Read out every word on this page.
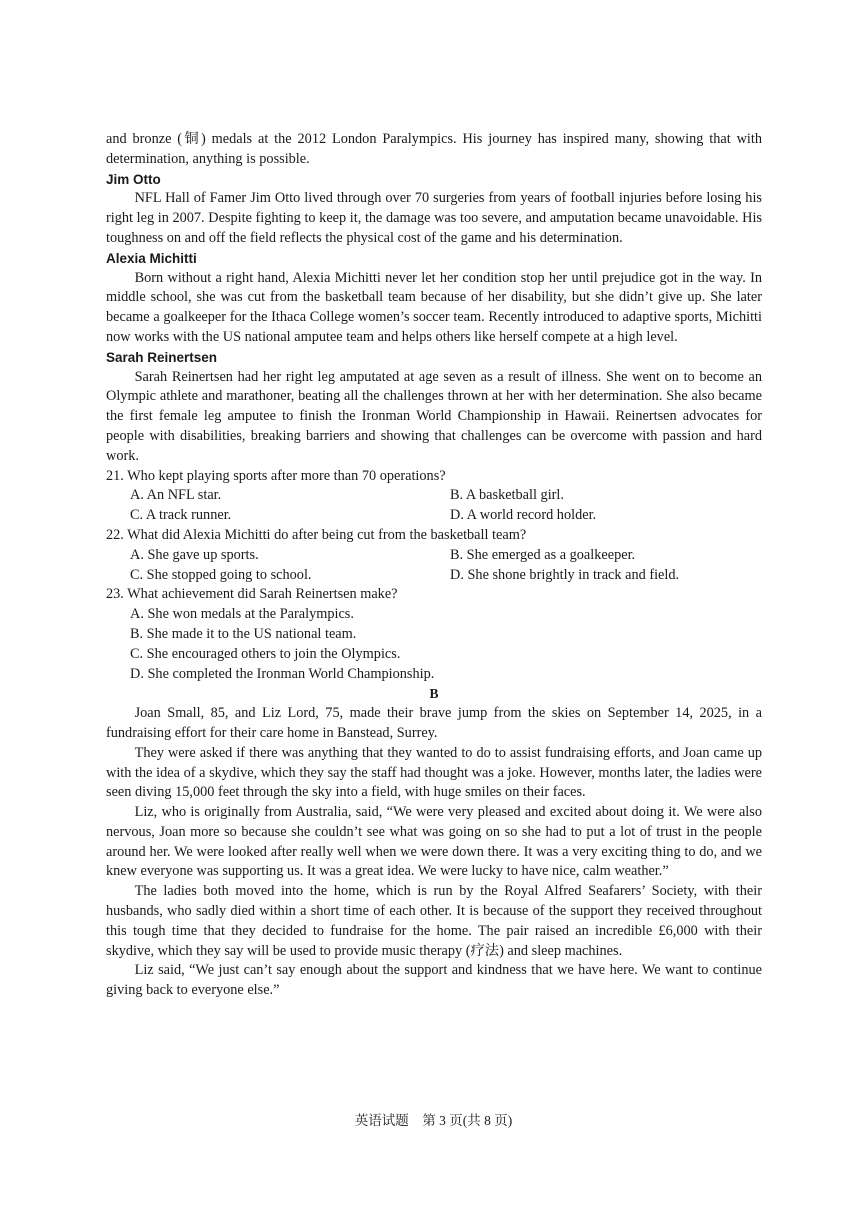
and bronze (铜) medals at the 2012 London Paralympics. His journey has inspired many, showing that with determination, anything is possible.

Jim Otto

NFL Hall of Famer Jim Otto lived through over 70 surgeries from years of football injuries before losing his right leg in 2007. Despite fighting to keep it, the damage was too severe, and amputation became unavoidable. His toughness on and off the field reflects the physical cost of the game and his determination.

Alexia Michitti

Born without a right hand, Alexia Michitti never let her condition stop her until prejudice got in the way. In middle school, she was cut from the basketball team because of her disability, but she didn’t give up. She later became a goalkeeper for the Ithaca College women’s soccer team. Recently introduced to adaptive sports, Michitti now works with the US national amputee team and helps others like herself compete at a high level.

Sarah Reinertsen

Sarah Reinertsen had her right leg amputated at age seven as a result of illness. She went on to become an Olympic athlete and marathoner, beating all the challenges thrown at her with her determination. She also became the first female leg amputee to finish the Ironman World Championship in Hawaii. Reinertsen advocates for people with disabilities, breaking barriers and showing that challenges can be overcome with passion and hard work.

21. Who kept playing sports after more than 70 operations?
A. An NFL star.	B. A basketball girl.
C. A track runner.	D. A world record holder.
22. What did Alexia Michitti do after being cut from the basketball team?
A. She gave up sports.	B. She emerged as a goalkeeper.
C. She stopped going to school.	D. She shone brightly in track and field.
23. What achievement did Sarah Reinertsen make?
A. She won medals at the Paralympics.
B. She made it to the US national team.
C. She encouraged others to join the Olympics.
D. She completed the Ironman World Championship.
B

Joan Small, 85, and Liz Lord, 75, made their brave jump from the skies on September 14, 2025, in a fundraising effort for their care home in Banstead, Surrey.

They were asked if there was anything that they wanted to do to assist fundraising efforts, and Joan came up with the idea of a skydive, which they say the staff had thought was a joke. However, months later, the ladies were seen diving 15,000 feet through the sky into a field, with huge smiles on their faces.

Liz, who is originally from Australia, said, “We were very pleased and excited about doing it. We were also nervous, Joan more so because she couldn’t see what was going on so she had to put a lot of trust in the people around her. We were looked after really well when we were down there. It was a very exciting thing to do, and we knew everyone was supporting us. It was a great idea. We were lucky to have nice, calm weather.”

The ladies both moved into the home, which is run by the Royal Alfred Seafarers’ Society, with their husbands, who sadly died within a short time of each other. It is because of the support they received throughout this tough time that they decided to fundraise for the home. The pair raised an incredible £6,000 with their skydive, which they say will be used to provide music therapy (疗法) and sleep machines.

Liz said, “We just can’t say enough about the support and kindness that we have here. We want to continue giving back to everyone else.”

英语试题　第 3 页(共 8 页)
